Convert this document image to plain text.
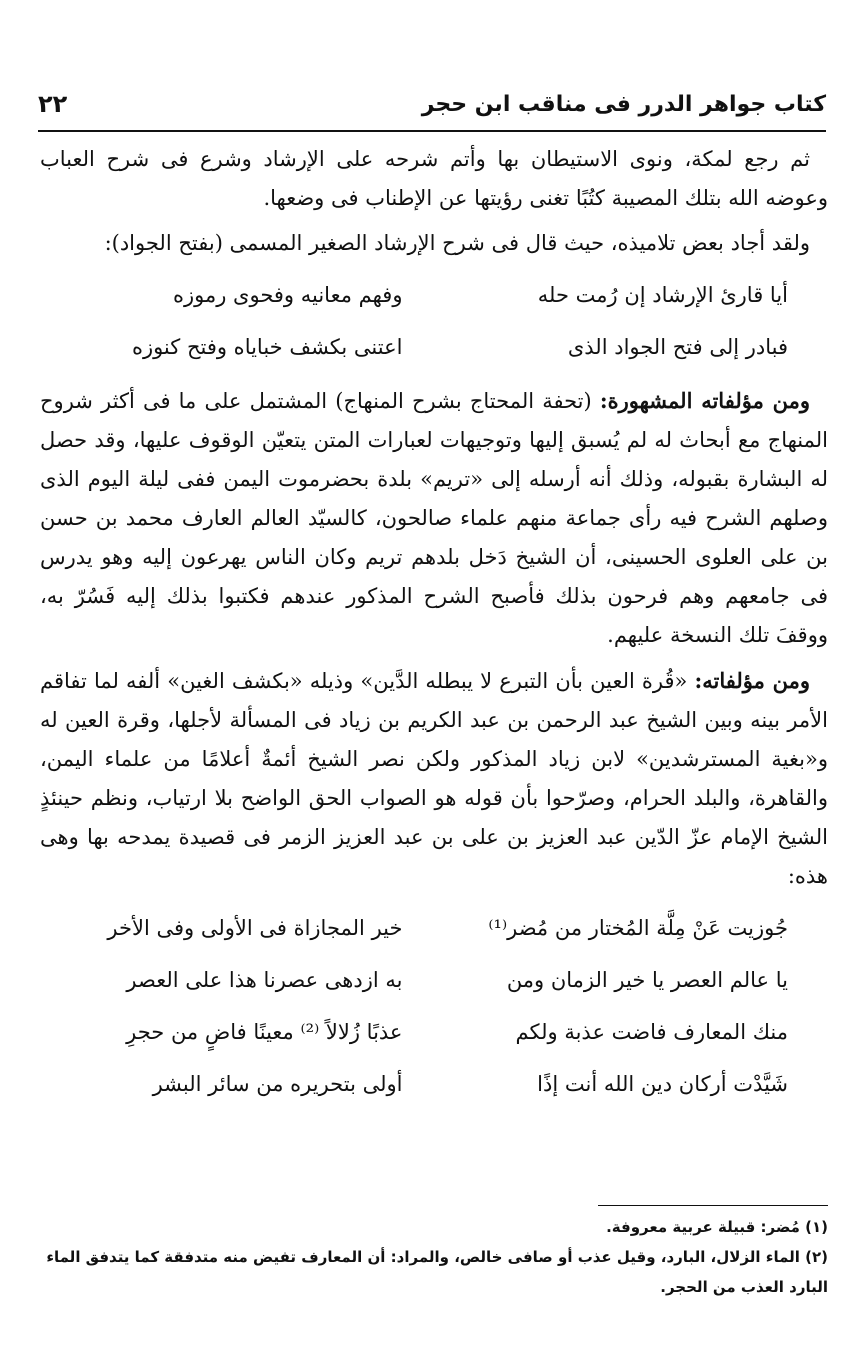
كتاب جواهر الدرر فى مناقب ابن حجر
٢٢

ثم رجع لمكة، ونوى الاستيطان بها وأتم شرحه على الإرشاد وشرع فى شرح العباب وعوضه الله بتلك المصيبة كتُبًا تغنى رؤيتها عن الإطناب فى وضعها.

ولقد أجاد بعض تلاميذه، حيث قال فى شرح الإرشاد الصغير المسمى (بفتح الجواد):

أيا قارئ الإرشاد إن رُمت حله
وفهم معانيه وفحوى رموزه
فبادر إلى فتح الجواد الذى
اعتنى بكشف خباياه وفتح كنوزه

ومن مؤلفاته المشهورة: (تحفة المحتاج بشرح المنهاج) المشتمل على ما فى أكثر شروح المنهاج مع أبحاث له لم يُسبق إليها وتوجيهات لعبارات المتن يتعيّن الوقوف عليها، وقد حصل له البشارة بقبوله، وذلك أنه أرسله إلى «تريم» بلدة بحضرموت اليمن ففى ليلة اليوم الذى وصلهم الشرح فيه رأى جماعة منهم علماء صالحون، كالسيّد العالم العارف محمد بن حسن بن على العلوى الحسينى، أن الشيخ دَخل بلدهم تريم وكان الناس يهرعون إليه وهو يدرس فى جامعهم وهم فرحون بذلك فأصبح الشرح المذكور عندهم فكتبوا بذلك إليه فَسُرّ به، ووقفَ تلك النسخة عليهم.

ومن مؤلفاته: «قُرة العين بأن التبرع لا يبطله الدَّين» وذيله «بكشف الغين» ألفه لما تفاقم الأمر بينه وبين الشيخ عبد الرحمن بن عبد الكريم بن زياد فى المسألة لأجلها، وقرة العين له و«بغية المسترشدين» لابن زياد المذكور ولكن نصر الشيخ أئمةٌ أعلامًا من علماء اليمن، والقاهرة، والبلد الحرام، وصرّحوا بأن قوله هو الصواب الحق الواضح بلا ارتياب، ونظم حينئذٍ الشيخ الإمام عزّ الدّين عبد العزيز بن على بن عبد العزيز الزمر فى قصيدة يمدحه بها وهى هذه:

جُوزيت عَنْ مِلَّة المُختار من مُضر⁽¹⁾
خير المجازاة فى الأولى وفى الأخر
يا عالم العصر يا خير الزمان ومن
به ازدهى عصرنا هذا على العصر
منك المعارف فاضت عذبة ولكم
عذبًا زُلالاً ⁽²⁾ معينًا فاضٍ من حجرِ
شَيَّدْت أركان دين الله أنت إذًا
أولى بتحريره من سائر البشر

(١) مُضر: قبيلة عربية معروفة.

(٢) الماء الزلال، البارد، وقيل عذب أو صافى خالص، والمراد: أن المعارف تفيض منه متدفقة كما يتدفق الماء البارد العذب من الحجر.
